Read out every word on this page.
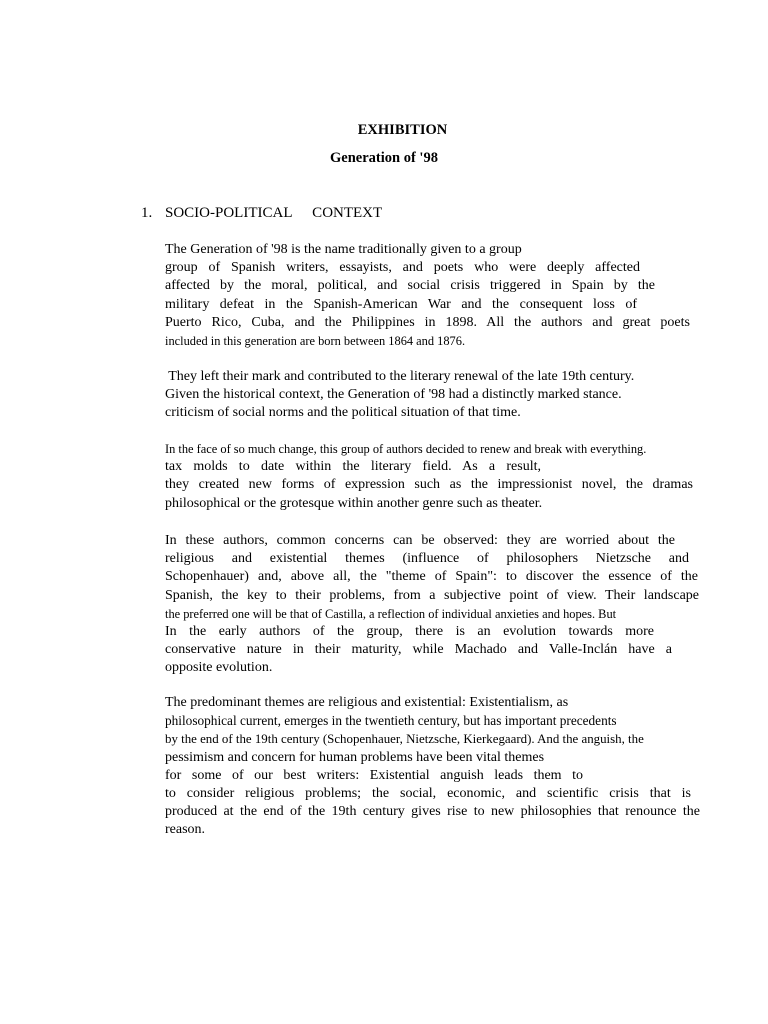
EXHIBITION
Generation of '98
1. SOCIO-POLITICAL   CONTEXT
The Generation of '98 is the name traditionally given to a group
group of Spanish writers, essayists, and poets who were deeply affected
affected by the moral, political, and social crisis triggered in Spain by the
military defeat in the Spanish-American War and the consequent loss of
Puerto Rico, Cuba, and the Philippines in 1898. All the authors and great poets
included in this generation are born between 1864 and 1876.
They left their mark and contributed to the literary renewal of the late 19th century.
Given the historical context, the Generation of '98 had a distinctly marked stance.
criticism of social norms and the political situation of that time.
In the face of so much change, this group of authors decided to renew and break with everything.
tax molds to date within the literary field. As a result,
they created new forms of expression such as the impressionist novel, the dramas
philosophical or the grotesque within another genre such as theater.
In these authors, common concerns can be observed: they are worried about the
religious and existential themes (influence of philosophers Nietzsche and
Schopenhauer) and, above all, the "theme of Spain": to discover the essence of the
Spanish, the key to their problems, from a subjective point of view. Their landscape
the preferred one will be that of Castilla, a reflection of individual anxieties and hopes. But
In the early authors of the group, there is an evolution towards more
conservative nature in their maturity, while Machado and Valle-Inclán have a
opposite evolution.
The predominant themes are religious and existential: Existentialism, as
philosophical current, emerges in the twentieth century, but has important precedents
by the end of the 19th century (Schopenhauer, Nietzsche, Kierkegaard). And the anguish, the
pessimism and concern for human problems have been vital themes
for some of our best writers: Existential anguish leads them to
to consider religious problems; the social, economic, and scientific crisis that is
produced at the end of the 19th century gives rise to new philosophies that renounce the
reason.
